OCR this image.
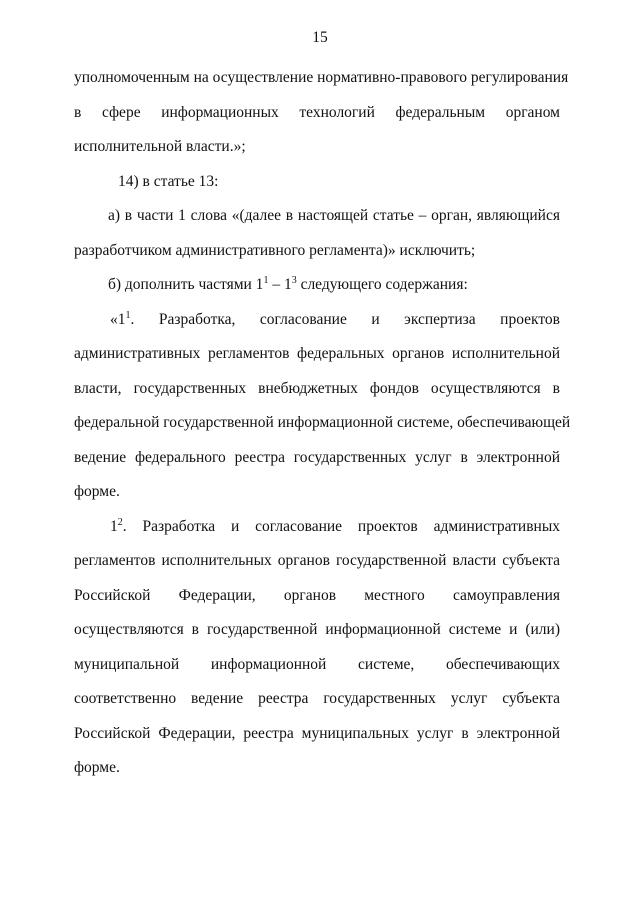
15
уполномоченным на осуществление нормативно-правового регулирования
в сфере информационных технологий федеральным органом
исполнительной власти.»;
14) в статье 13:
а) в части 1 слова «(далее в настоящей статье – орган, являющийся
разработчиком административного регламента)» исключить;
б) дополнить частями $1^1 - 1^3$ следующего содержания:
«$1^1$. Разработка, согласование и экспертиза проектов
административных регламентов федеральных органов исполнительной
власти, государственных внебюджетных фондов осуществляются в
федеральной государственной информационной системе, обеспечивающей
ведение федерального реестра государственных услуг в электронной
форме.
$1^2$. Разработка и согласование проектов административных
регламентов исполнительных органов государственной власти субъекта
Российской Федерации, органов местного самоуправления
осуществляются в государственной информационной системе и (или)
муниципальной информационной системе, обеспечивающих
соответственно ведение реестра государственных услуг субъекта
Российской Федерации, реестра муниципальных услуг в электронной
форме.
